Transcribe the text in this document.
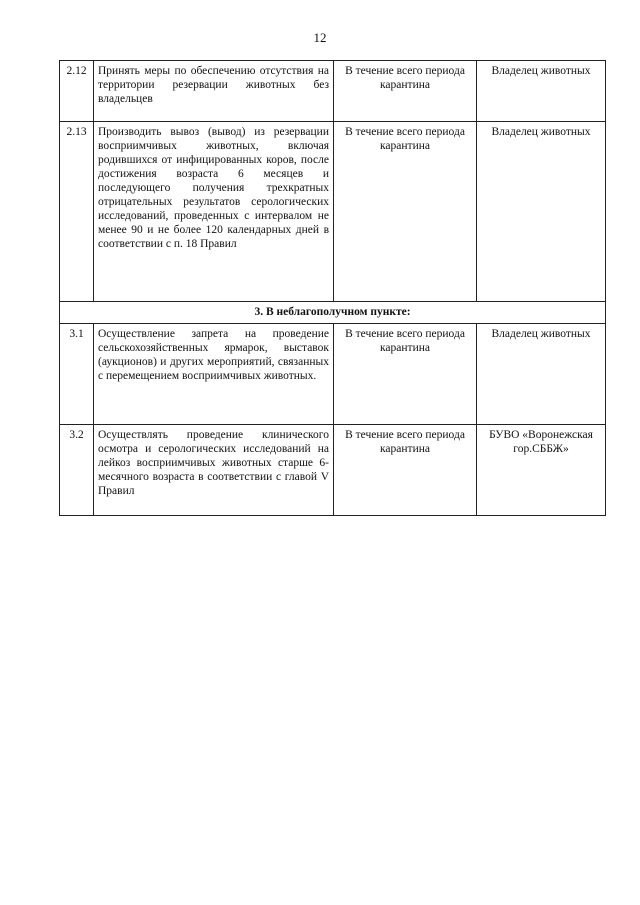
12
2.12	Принять меры по обеспечению отсутствия на территории резервации животных без владельцев	В течение всего периода карантина	Владелец животных
2.13	Производить вывоз (вывод) из резервации восприимчивых животных, включая родившихся от инфицированных коров, после достижения возраста 6 месяцев и последующего получения трехкратных отрицательных результатов серологических исследований, проведенных с интервалом не менее 90 и не более 120 календарных дней в соответствии с п. 18 Правил	В течение всего периода карантина	Владелец животных
3. В неблагополучном пункте:			
3.1	Осуществление запрета на проведение сельскохозяйственных ярмарок, выставок (аукционов) и других мероприятий, связанных с перемещением восприимчивых животных.	В течение всего периода карантина	Владелец животных
3.2	Осуществлять проведение клинического осмотра и серологических исследований на лейкоз восприимчивых животных старше 6-месячного возраста в соответствии с главой V Правил	В течение всего периода карантина	БУВО «Воронежская гор.СББЖ»
